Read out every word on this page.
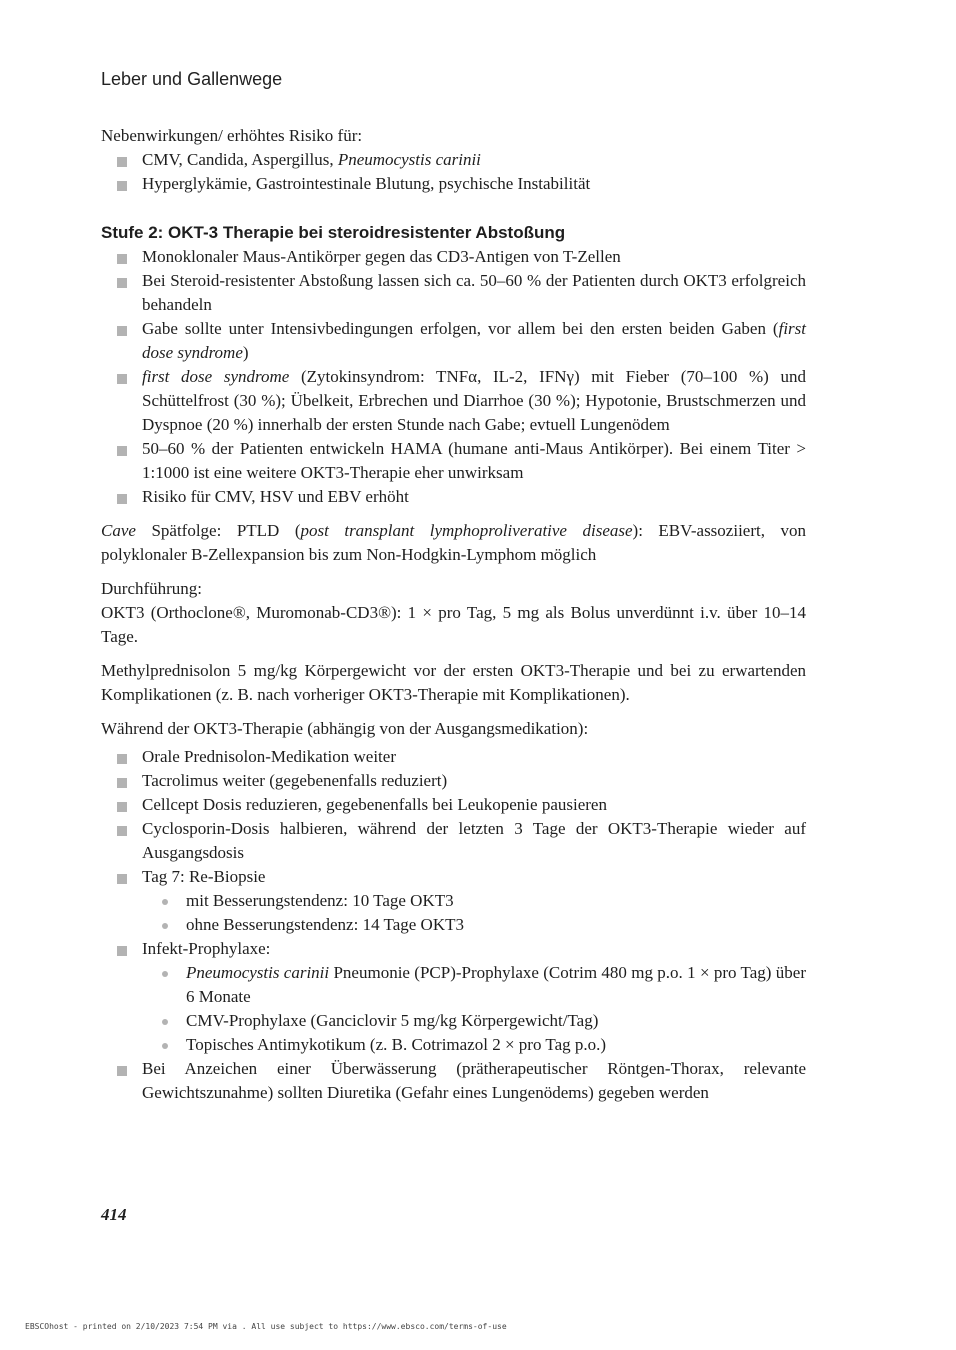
Leber und Gallenwege

Nebenwirkungen/ erhöhtes Risiko für:

CMV, Candida, Aspergillus, Pneumocystis carinii
Hyperglykämie, Gastrointestinale Blutung, psychische Instabilität

Stufe 2: OKT-3 Therapie bei steroidresistenter Abstoßung

Monoklonaler Maus-Antikörper gegen das CD3-Antigen von T-Zellen
Bei Steroid-resistenter Abstoßung lassen sich ca. 50–60 % der Patienten durch OKT3 erfolgreich behandeln
Gabe sollte unter Intensivbedingungen erfolgen, vor allem bei den ersten beiden Gaben (first dose syndrome)
first dose syndrome (Zytokinsyndrom: TNFα, IL-2, IFNγ) mit Fieber (70–100 %) und Schüttelfrost (30 %); Übelkeit, Erbrechen und Diarrhoe (30 %); Hypotonie, Brustschmerzen und Dyspnoe (20 %) innerhalb der ersten Stunde nach Gabe; evtuell Lungenödem
50–60 % der Patienten entwickeln HAMA (humane anti-Maus Antikörper). Bei einem Titer > 1:1000 ist eine weitere OKT3-Therapie eher unwirksam
Risiko für CMV, HSV und EBV erhöht

Cave Spätfolge: PTLD (post transplant lymphoproliverative disease): EBV-assoziiert, von polyklonaler B-Zellexpansion bis zum Non-Hodgkin-Lymphom möglich

Durchführung:

OKT3 (Orthoclone®, Muromonab-CD3®): 1 × pro Tag, 5 mg als Bolus unverdünnt i.v. über 10–14 Tage.

Methylprednisolon 5 mg/kg Körpergewicht vor der ersten OKT3-Therapie und bei zu erwartenden Komplikationen (z. B. nach vorheriger OKT3-Therapie mit Komplikationen).

Während der OKT3-Therapie (abhängig von der Ausgangsmedikation):

Orale Prednisolon-Medikation weiter
Tacrolimus weiter (gegebenenfalls reduziert)
Cellcept Dosis reduzieren, gegebenenfalls bei Leukopenie pausieren
Cyclosporin-Dosis halbieren, während der letzten 3 Tage der OKT3-Therapie wieder auf Ausgangsdosis
Tag 7: Re-Biopsie
mit Besserungstendenz: 10 Tage OKT3
ohne Besserungstendenz: 14 Tage OKT3
Infekt-Prophylaxe:
Pneumocystis carinii Pneumonie (PCP)-Prophylaxe (Cotrim 480 mg p.o. 1 × pro Tag) über 6 Monate
CMV-Prophylaxe (Ganciclovir 5 mg/kg Körpergewicht/Tag)
Topisches Antimykotikum (z. B. Cotrimazol 2 × pro Tag p.o.)
Bei Anzeichen einer Überwässerung (prätherapeutischer Röntgen-Thorax, relevante Gewichtszunahme) sollten Diuretika (Gefahr eines Lungenödems) gegeben werden
414
EBSCOhost - printed on 2/10/2023 7:54 PM via . All use subject to https://www.ebsco.com/terms-of-use
